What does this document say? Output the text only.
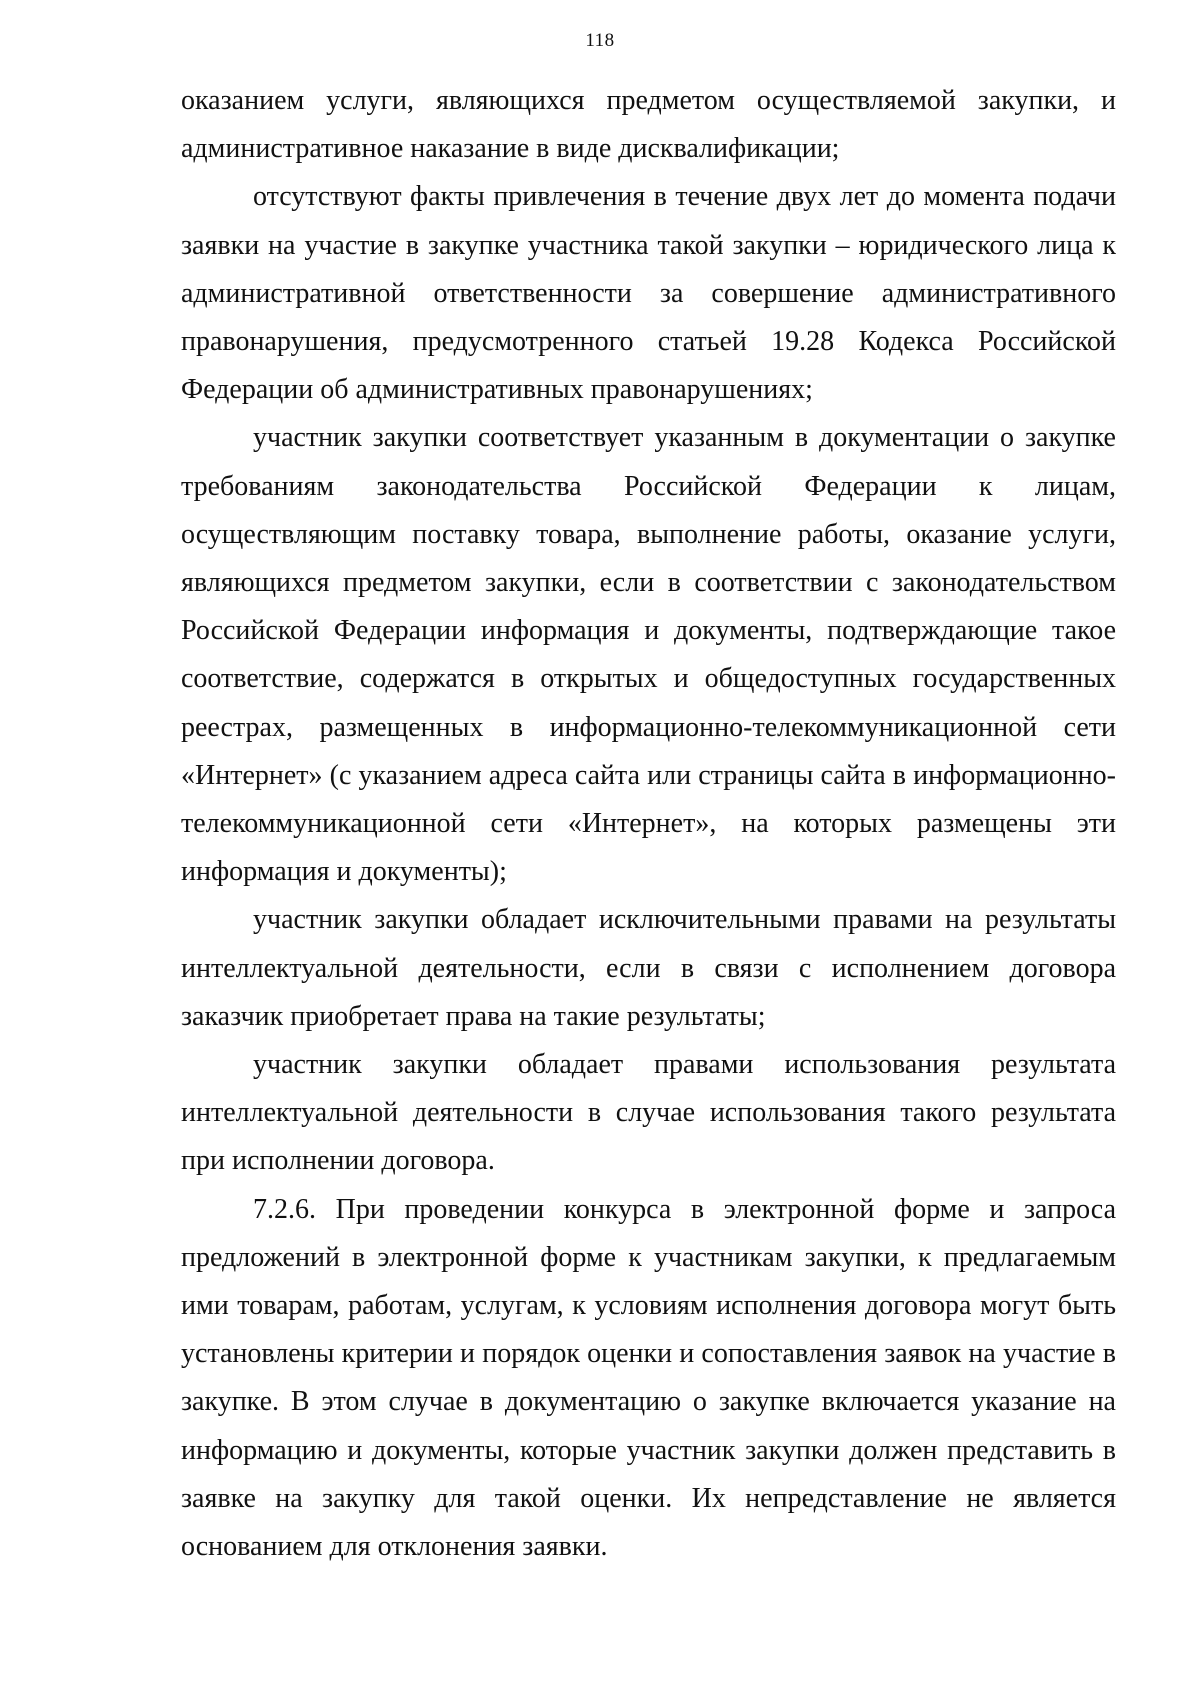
118

оказанием услуги, являющихся предметом осуществляемой закупки, и административное наказание в виде дисквалификации;

отсутствуют факты привлечения в течение двух лет до момента подачи заявки на участие в закупке участника такой закупки – юридического лица к административной ответственности за совершение административного правонарушения, предусмотренного статьей 19.28 Кодекса Российской Федерации об административных правонарушениях;

участник закупки соответствует указанным в документации о закупке требованиям законодательства Российской Федерации к лицам, осуществляющим поставку товара, выполнение работы, оказание услуги, являющихся предметом закупки, если в соответствии с законодательством Российской Федерации информация и документы, подтверждающие такое соответствие, содержатся в открытых и общедоступных государственных реестрах, размещенных в информационно-телекоммуникационной сети «Интернет» (с указанием адреса сайта или страницы сайта в информационно-телекоммуникационной сети «Интернет», на которых размещены эти информация и документы);

участник закупки обладает исключительными правами на результаты интеллектуальной деятельности, если в связи с исполнением договора заказчик приобретает права на такие результаты;

участник закупки обладает правами использования результата интеллектуальной деятельности в случае использования такого результата при исполнении договора.

7.2.6. При проведении конкурса в электронной форме и запроса предложений в электронной форме к участникам закупки, к предлагаемым ими товарам, работам, услугам, к условиям исполнения договора могут быть установлены критерии и порядок оценки и сопоставления заявок на участие в закупке. В этом случае в документацию о закупке включается указание на информацию и документы, которые участник закупки должен представить в заявке на закупку для такой оценки. Их непредставление не является основанием для отклонения заявки.
